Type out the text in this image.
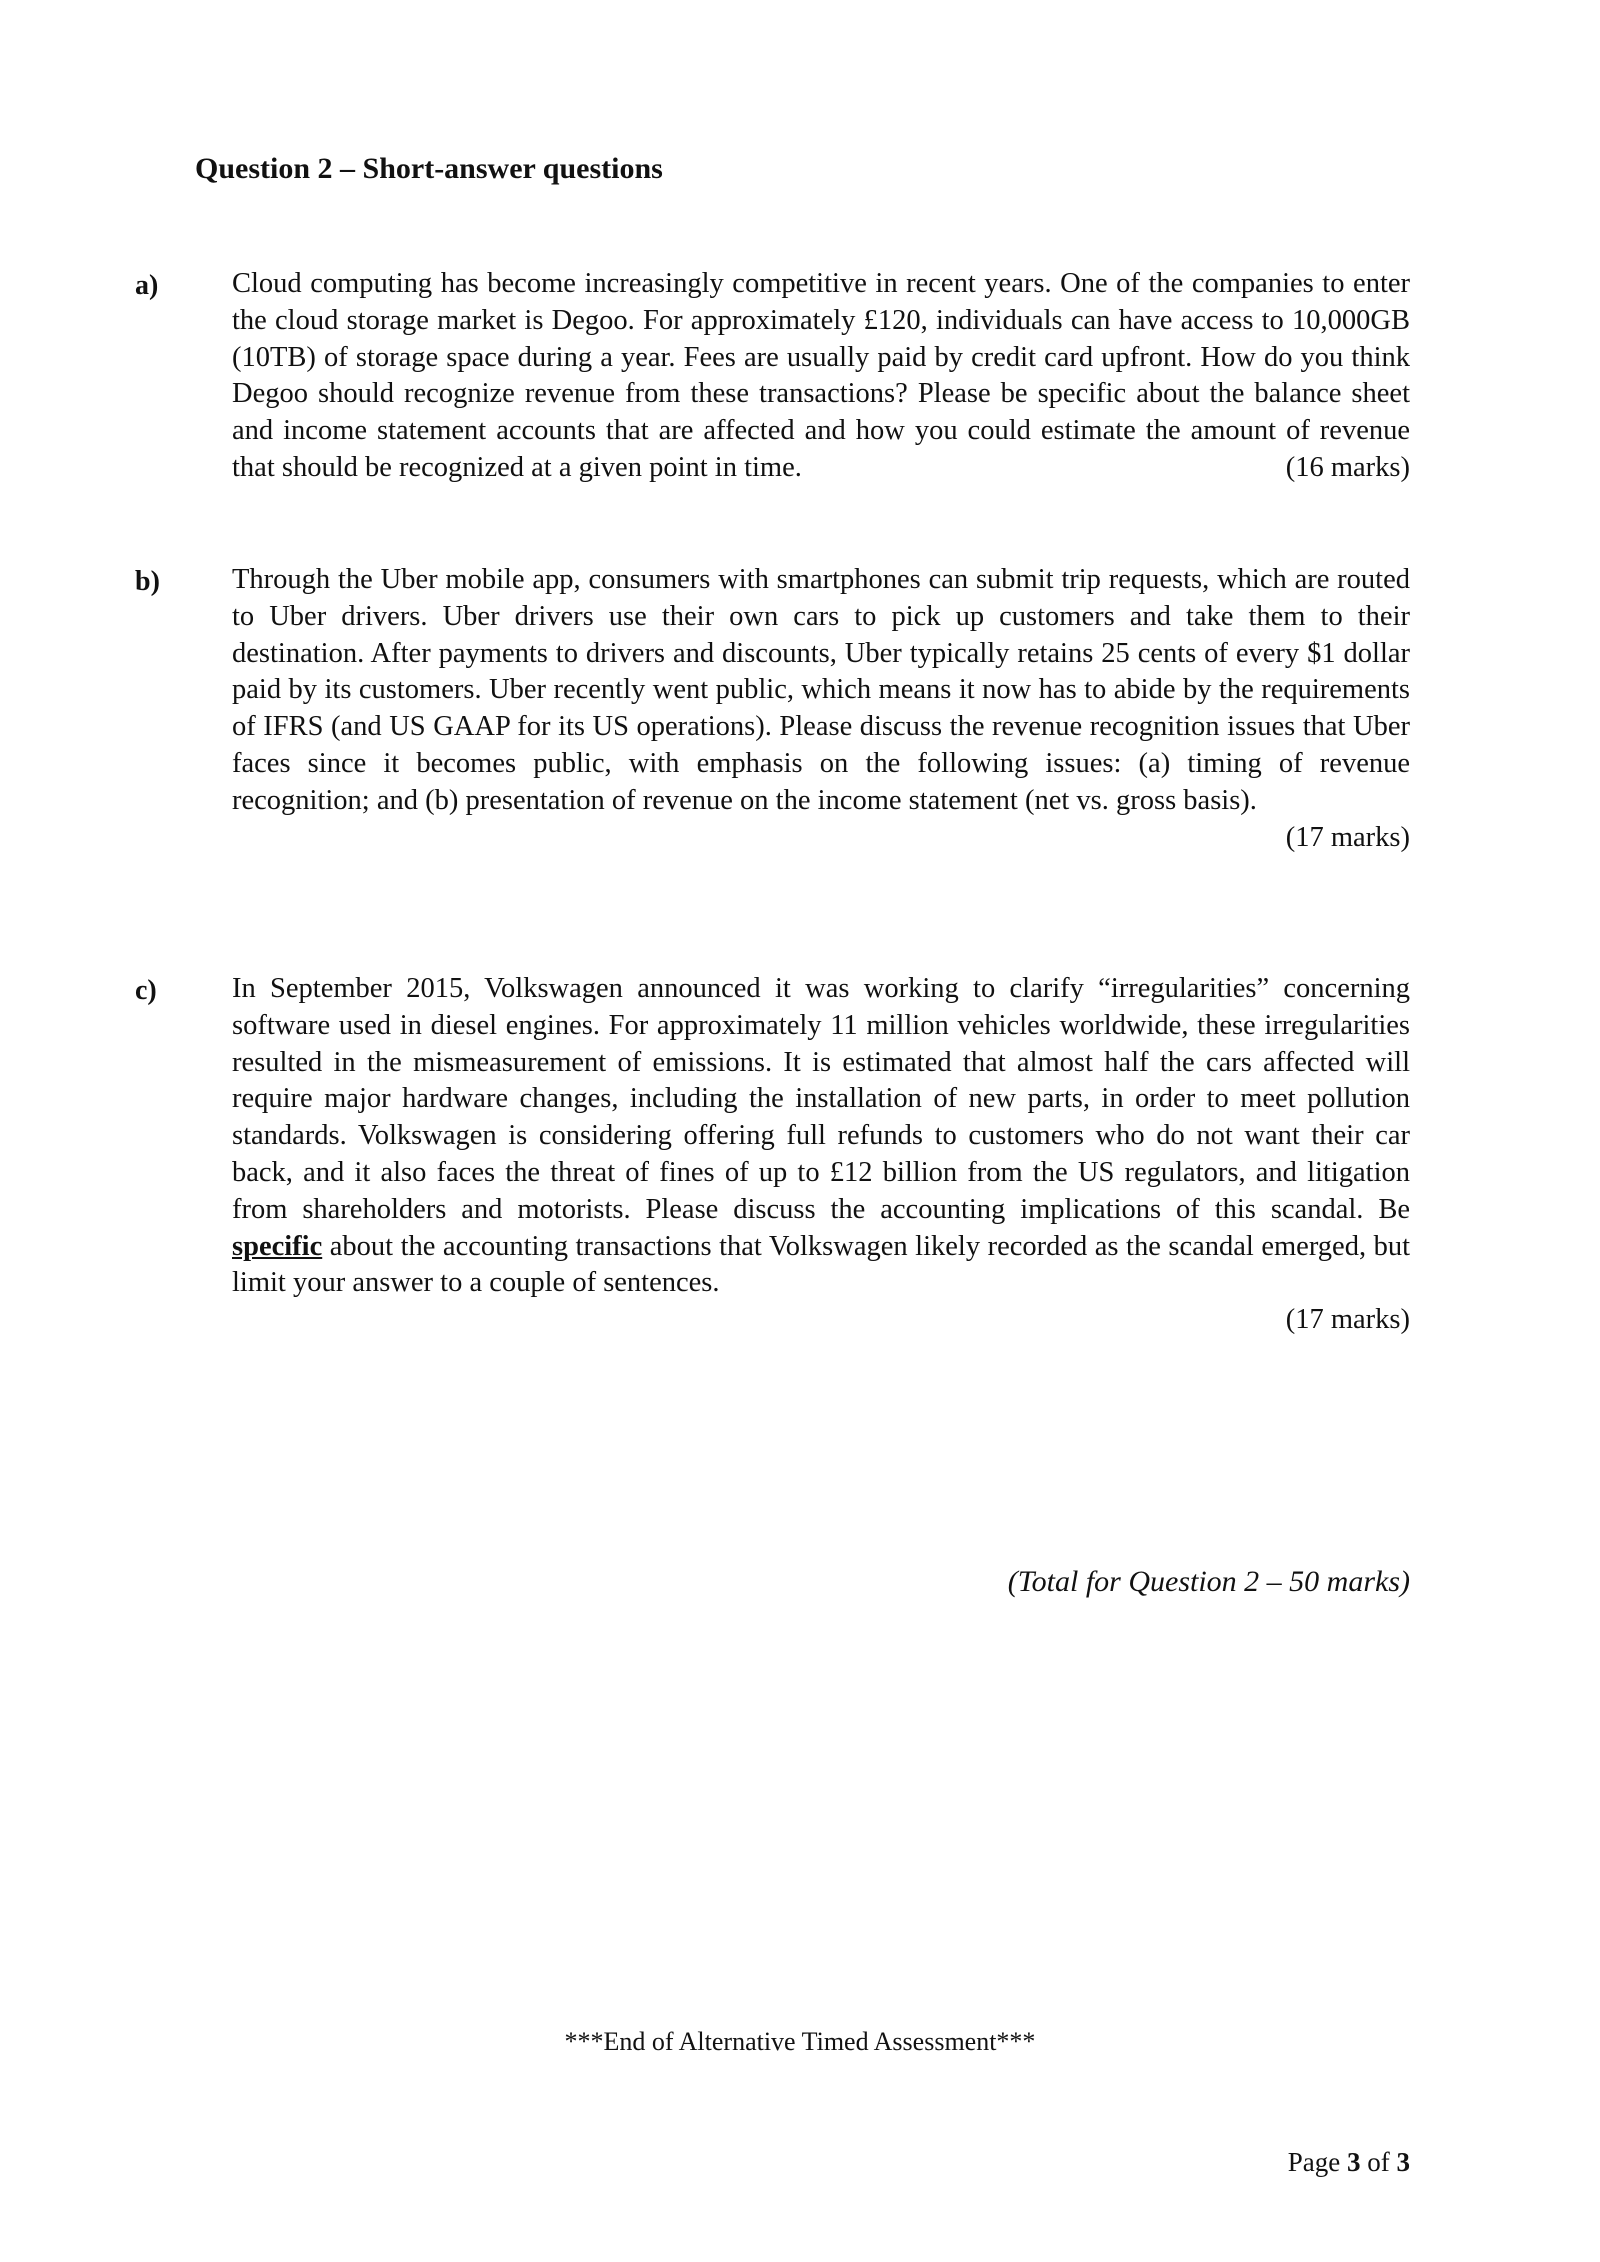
Question 2 – Short-answer questions
a)	Cloud computing has become increasingly competitive in recent years. One of the companies to enter the cloud storage market is Degoo. For approximately £120, individuals can have access to 10,000GB (10TB) of storage space during a year. Fees are usually paid by credit card upfront. How do you think Degoo should recognize revenue from these transactions? Please be specific about the balance sheet and income statement accounts that are affected and how you could estimate the amount of revenue that should be recognized at a given point in time.	(16 marks)
b)	Through the Uber mobile app, consumers with smartphones can submit trip requests, which are routed to Uber drivers. Uber drivers use their own cars to pick up customers and take them to their destination. After payments to drivers and discounts, Uber typically retains 25 cents of every $1 dollar paid by its customers. Uber recently went public, which means it now has to abide by the requirements of IFRS (and US GAAP for its US operations). Please discuss the revenue recognition issues that Uber faces since it becomes public, with emphasis on the following issues: (a) timing of revenue recognition; and (b) presentation of revenue on the income statement (net vs. gross basis).
(17 marks)
c)	In September 2015, Volkswagen announced it was working to clarify “irregularities” concerning software used in diesel engines. For approximately 11 million vehicles worldwide, these irregularities resulted in the mismeasurement of emissions. It is estimated that almost half the cars affected will require major hardware changes, including the installation of new parts, in order to meet pollution standards. Volkswagen is considering offering full refunds to customers who do not want their car back, and it also faces the threat of fines of up to £12 billion from the US regulators, and litigation from shareholders and motorists. Please discuss the accounting implications of this scandal. Be specific about the accounting transactions that Volkswagen likely recorded as the scandal emerged, but limit your answer to a couple of sentences.
(17 marks)
(Total for Question 2 – 50 marks)
***End of Alternative Timed Assessment***
Page 3 of 3
